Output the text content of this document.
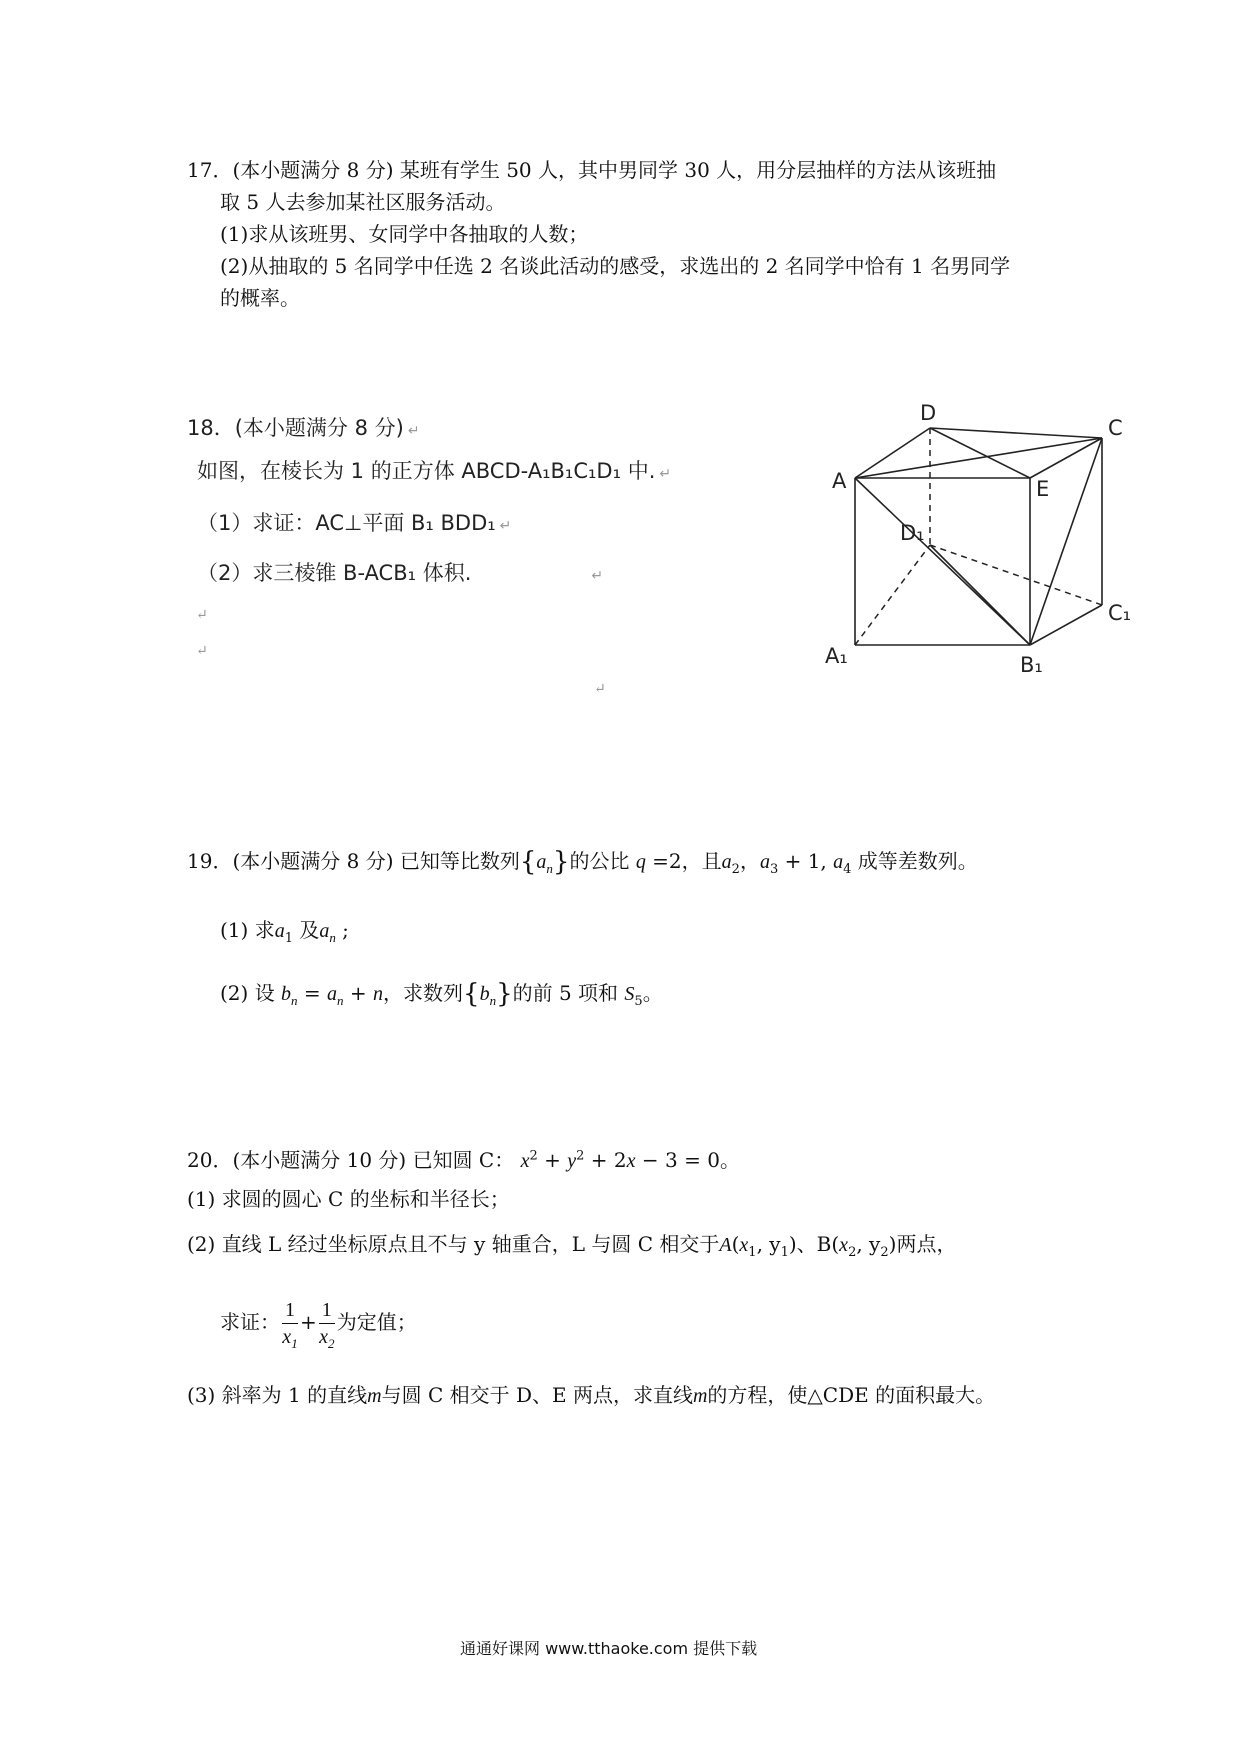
17．(本小题满分 8 分) 某班有学生 50 人，其中男同学 30 人，用分层抽样的方法从该班抽
取 5 人去参加某社区服务活动。
(1)求从该班男、女同学中各抽取的人数；
(2)从抽取的 5 名同学中任选 2 名谈此活动的感受，求选出的 2 名同学中恰有 1 名男同学
的概率。
18．(本小题满分 8 分) ↵
如图，在棱长为 1 的正方体 ABCD-A₁B₁C₁D₁ 中. ↵
（1）求证：AC⊥平面 B₁ BDD₁ ↵
（2）求三棱锥 B-ACB₁ 体积.	↵
↵
↵
↵
D
C
A	E
D₁
C₁
A₁	B₁
19．(本小题满分 8 分) 已知等比数列$\{a_n\}$的公比 q =2，且$a_2$，$a_3 + 1$, $a_4$ 成等差数列。
(1) 求$a_1$ 及$a_n$ ;
(2) 设 $b_n = a_n + n$，求数列$\{b_n\}$的前 5 项和 $S_5$。
20．(本小题满分 10 分) 已知圆 C： $x^2 + y^2 + 2x - 3 = 0$。
(1) 求圆的圆心 C 的坐标和半径长；
(2) 直线 L 经过坐标原点且不与 y 轴重合，L 与圆 C 相交于$A(x_1$, $y_1$)、$B(x_2$, $y_2$)两点，
求证： $\frac{1}{x_1} + \frac{1}{x_2}$ 为定值；
(3) 斜率为 1 的直线m与圆 C 相交于 D、E 两点，求直线m的方程，使△CDE 的面积最大。
通通好课网 www.tthaoke.com 提供下载
